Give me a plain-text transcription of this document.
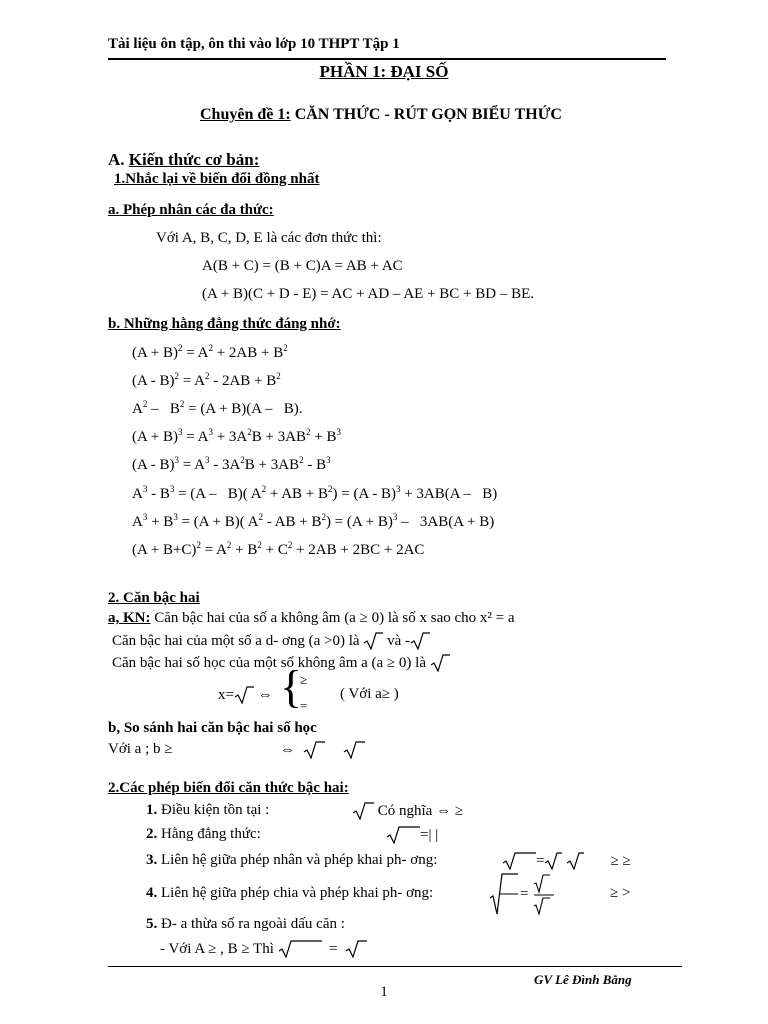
Tài liệu ôn tập, ôn thi vào lớp 10 THPT Tập 1
PHẦN 1: ĐẠI SỐ
Chuyên đề 1: CĂN THỨC - RÚT GỌN BIỂU THỨC
A. Kiến thức cơ bản:
1.Nhắc lại về biến đổi đồng nhất
a. Phép nhân các đa thức:
Với A, B, C, D, E là các đơn thức thì:
A(B + C) = (B + C)A = AB + AC
(A + B)(C + D - E) = AC + AD – AE + BC + BD – BE.
b. Những hằng đẳng thức đáng nhớ:
$(A + B)^2 = A^2 + 2AB + B^2$
$(A - B)^2 = A^2 - 2AB + B^2$
$A^2 - B^2 = (A + B)(A - B)$.
$(A + B)^3 = A^3 + 3A^2B + 3AB^2 + B^3$
$(A - B)^3 = A^3 - 3A^2B + 3AB^2 - B^3$
$A^3 - B^3 = (A - B)$( $A^2$ + AB + $B^2) = (A - B)^3 + 3AB(A - B)$
$A^3 + B^3 = (A + B)$( $A^2$ - AB + $B^2) = (A + B)^3 - 3AB(A + B)$
$(A + B+C)^2 = A^2 + B^2 + C^2 + 2AB + 2BC + 2AC$
2. Căn bậc hai
a, KN: Căn bậc hai của số a không âm (a ≥ 0) là số x sao cho x² = a
Căn bậc hai của một số a d- ơng (a >0) là
và -
Căn bậc hai số học của một số không âm a (a ≥ 0) là
x=
⇔ {
≥
=
( Với a≥ )
b, So sánh hai căn bậc hai số học
Với a ; b ≥	⇔

2.Các phép biến đổi căn thức bậc hai:
1. Điều kiện tồn tại :	Có nghĩa ⇔ ≥
2. Hằng đẳng thức:	=| |
3. Liên hệ giữa phép nhân và phép khai ph- ơng:	=
	≥ ≥
4. Liên hệ giữa phép chia và phép khai ph- ơng:	=	≥ >
5. Đ- a thừa số ra ngoài dấu căn :
- Với A ≥ , B ≥ Thì	=
GV Lê Đình Bằng
1
